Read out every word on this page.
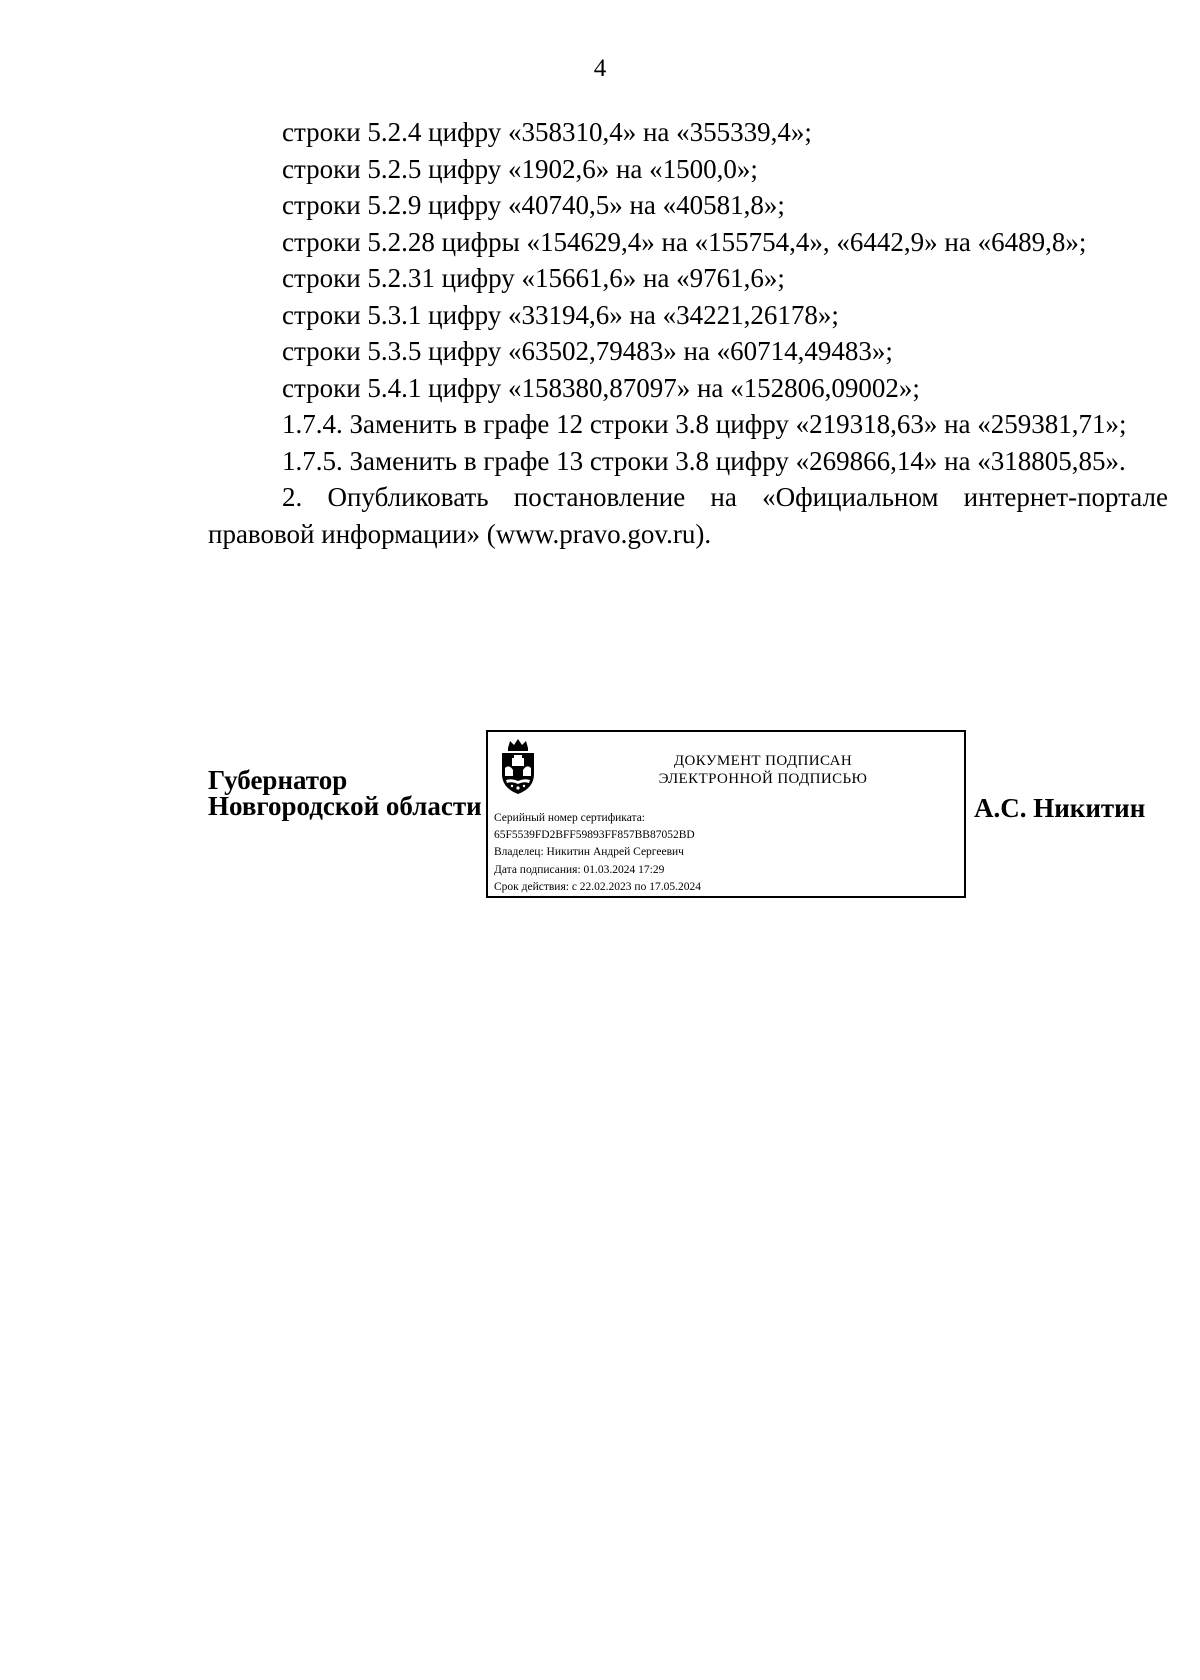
4

строки 5.2.4 цифру «358310,4» на «355339,4»;

строки 5.2.5 цифру «1902,6» на «1500,0»;

строки 5.2.9 цифру «40740,5» на «40581,8»;

строки 5.2.28 цифры «154629,4» на «155754,4», «6442,9» на «6489,8»;

строки 5.2.31 цифру «15661,6» на «9761,6»;

строки 5.3.1 цифру «33194,6» на «34221,26178»;

строки 5.3.5 цифру «63502,79483» на «60714,49483»;

строки 5.4.1 цифру «158380,87097» на «152806,09002»;

1.7.4. Заменить в графе 12 строки 3.8 цифру «219318,63» на «259381,71»;

1.7.5. Заменить в графе 13 строки 3.8 цифру «269866,14» на «318805,85».

2. Опубликовать постановление на «Официальном интернет-портале правовой информации» (www.pravo.gov.ru).

Губернатор
Новгородской области
ДОКУМЕНТ ПОДПИСАН
ЭЛЕКТРОННОЙ ПОДПИСЬЮ
Серийный номер сертификата:
65F5539FD2BFF59893FF857BB87052BD
Владелец: Никитин Андрей Сергеевич
Дата подписания: 01.03.2024 17:29
Срок действия: с 22.02.2023 по 17.05.2024
А.С. Никитин
